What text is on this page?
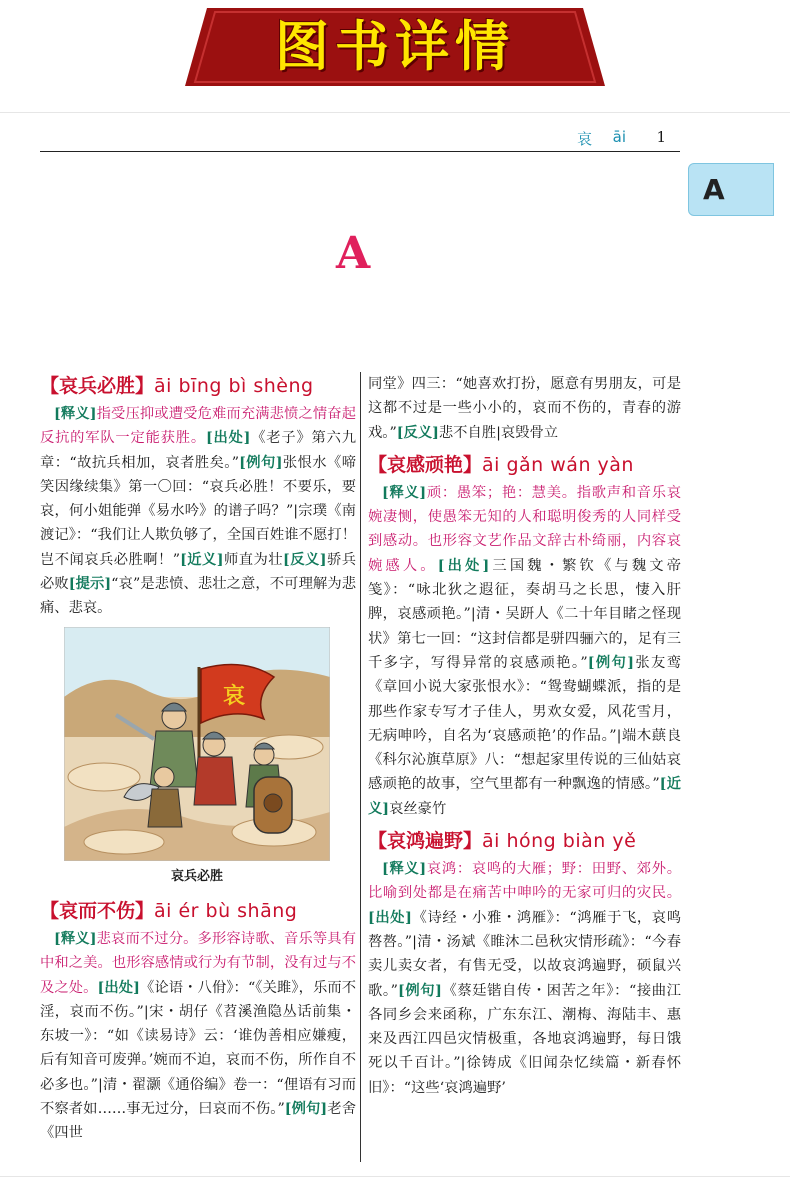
图书详情
哀 āi 1
A
A
【哀兵必胜】āi bīng bì shèng
[释义]指受压抑或遭受危难而充满悲愤之情奋起反抗的军队一定能获胜。[出处]《老子》第六九章：“故抗兵相加，哀者胜矣。”[例句]张恨水《啼笑因缘续集》第一〇回：“哀兵必胜！不要乐，要哀，何小姐能弹《易水吟》的谱子吗？”|宗璞《南渡记》：“我们让人欺负够了，全国百姓谁不愿打！岂不闻哀兵必胜啊！”[近义]师直为壮[反义]骄兵必败[提示]“哀”是悲愤、悲壮之意，不可理解为悲痛、悲哀。
哀
哀兵必胜
【哀而不伤】āi ér bù shāng
[释义]悲哀而不过分。多形容诗歌、音乐等具有中和之美。也形容感情或行为有节制，没有过与不及之处。[出处]《论语・八佾》：“《关雎》，乐而不淫，哀而不伤。”|宋・胡仔《苕溪渔隐丛话前集・东坡一》：“如《读易诗》云：‘谁伪善相应嫌瘦，后有知音可废弹。’婉而不迫，哀而不伤，所作自不必多也。”|清・翟灏《通俗编》卷一：“俚语有习而不察者如……事无过分，曰哀而不伤。”[例句]老舍《四世
同堂》四三：“她喜欢打扮，愿意有男朋友，可是这都不过是一些小小的，哀而不伤的，青春的游戏。”[反义]悲不自胜|哀毁骨立
【哀感顽艳】āi gǎn wán yàn
[释义]顽：愚笨；艳：慧美。指歌声和音乐哀婉凄恻，使愚笨无知的人和聪明俊秀的人同样受到感动。也形容文艺作品文辞古朴绮丽，内容哀婉感人。[出处]三国魏・繁钦《与魏文帝笺》：“咏北狄之遐征，奏胡马之长思，悽入肝脾，哀感顽艳。”|清・吴趼人《二十年目睹之怪现状》第七一回：“这封信都是骈四骊六的，足有三千多字，写得异常的哀感顽艳。”[例句]张友鸾《章回小说大家张恨水》：“鸳鸯蝴蝶派，指的是那些作家专写才子佳人，男欢女爱，风花雪月，无病呻吟，自名为‘哀感顽艳’的作品。”|端木蕻良《科尔沁旗草原》八：“想起家里传说的三仙姑哀感顽艳的故事，空气里都有一种飘逸的情感。”[近义]哀丝豪竹
【哀鸿遍野】āi hóng biàn yě
[释义]哀鸿：哀鸣的大雁；野：田野、郊外。比喻到处都是在痛苦中呻吟的无家可归的灾民。[出处]《诗经・小雅・鸿雁》：“鸿雁于飞，哀鸣嗸嗸。”|清・汤斌《睢沐二邑秋灾情形疏》：“今春卖儿卖女者，有售无受，以故哀鸿遍野，硕鼠兴歌。”[例句]《蔡廷锴自传・困苦之年》：“接曲江各同乡会来函称，广东东江、潮梅、海陆丰、惠来及西江四邑灾情极重，各地哀鸿遍野，每日饿死以千百计。”|徐铸成《旧闻杂忆续篇・新春怀旧》：“这些‘哀鸿遍野’
